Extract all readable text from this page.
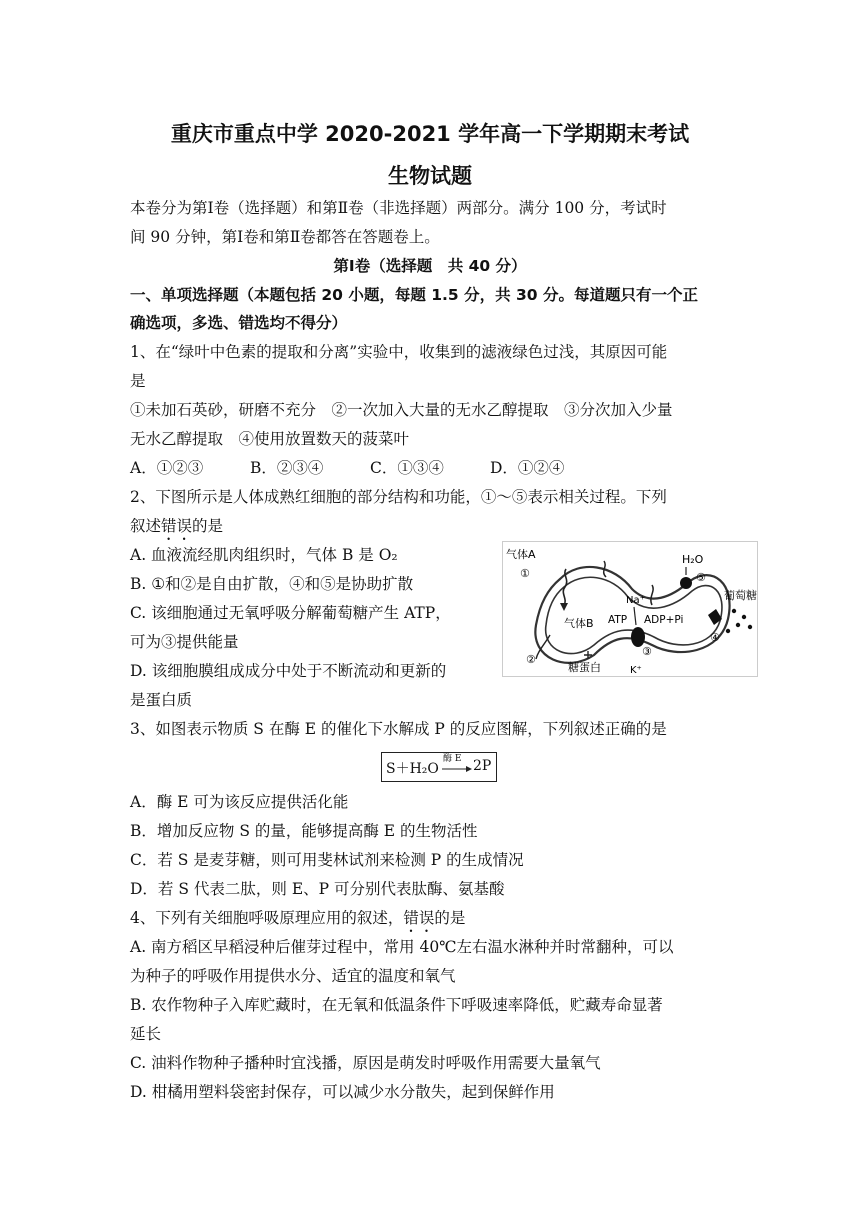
重庆市重点中学 2020-2021 学年高一下学期期末考试
生物试题
本卷分为第Ⅰ卷（选择题）和第Ⅱ卷（非选择题）两部分。满分 100 分，考试时
间 90 分钟，第Ⅰ卷和第Ⅱ卷都答在答题卷上。
第Ⅰ卷（选择题　共 40 分）
一、单项选择题（本题包括 20 小题，每题 1.5 分，共 30 分。每道题只有一个正
确选项，多选、错选均不得分）
1、在“绿叶中色素的提取和分离”实验中，收集到的滤液绿色过浅，其原因可能
是
①未加石英砂，研磨不充分　②一次加入大量的无水乙醇提取　③分次加入少量
无水乙醇提取　④使用放置数天的菠菜叶
A．①②③	B．②③④	C．①③④	D．①②④
2、下图所示是人体成熟红细胞的部分结构和功能，①～⑤表示相关过程。下列
叙述错误的是
A. 血液流经肌肉组织时，气体 B 是 O₂
B. ①和②是自由扩散，④和⑤是协助扩散
C. 该细胞通过无氧呼吸分解葡萄糖产生 ATP，
可为③提供能量
D. 该细胞膜组成成分中处于不断流动和更新的
是蛋白质
气体A
①
气体B
②
H₂O
⑤
④
葡萄糖
Na⁺
ATP ADP+Pi
K⁺
③
糖蛋白
3、如图表示物质 S 在酶 E 的催化下水解成 P 的反应图解，下列叙述正确的是
S＋H₂O
酶 E 2P
A．酶 E 可为该反应提供活化能
B．增加反应物 S 的量，能够提高酶 E 的生物活性
C．若 S 是麦芽糖，则可用斐林试剂来检测 P 的生成情况
D．若 S 代表二肽，则 E、P 可分别代表肽酶、氨基酸
4、下列有关细胞呼吸原理应用的叙述，错误的是
A. 南方稻区早稻浸种后催芽过程中，常用 40℃左右温水淋种并时常翻种，可以
为种子的呼吸作用提供水分、适宜的温度和氧气
B. 农作物种子入库贮藏时，在无氧和低温条件下呼吸速率降低，贮藏寿命显著
延长
C. 油料作物种子播种时宜浅播，原因是萌发时呼吸作用需要大量氧气
D. 柑橘用塑料袋密封保存，可以减少水分散失，起到保鲜作用
